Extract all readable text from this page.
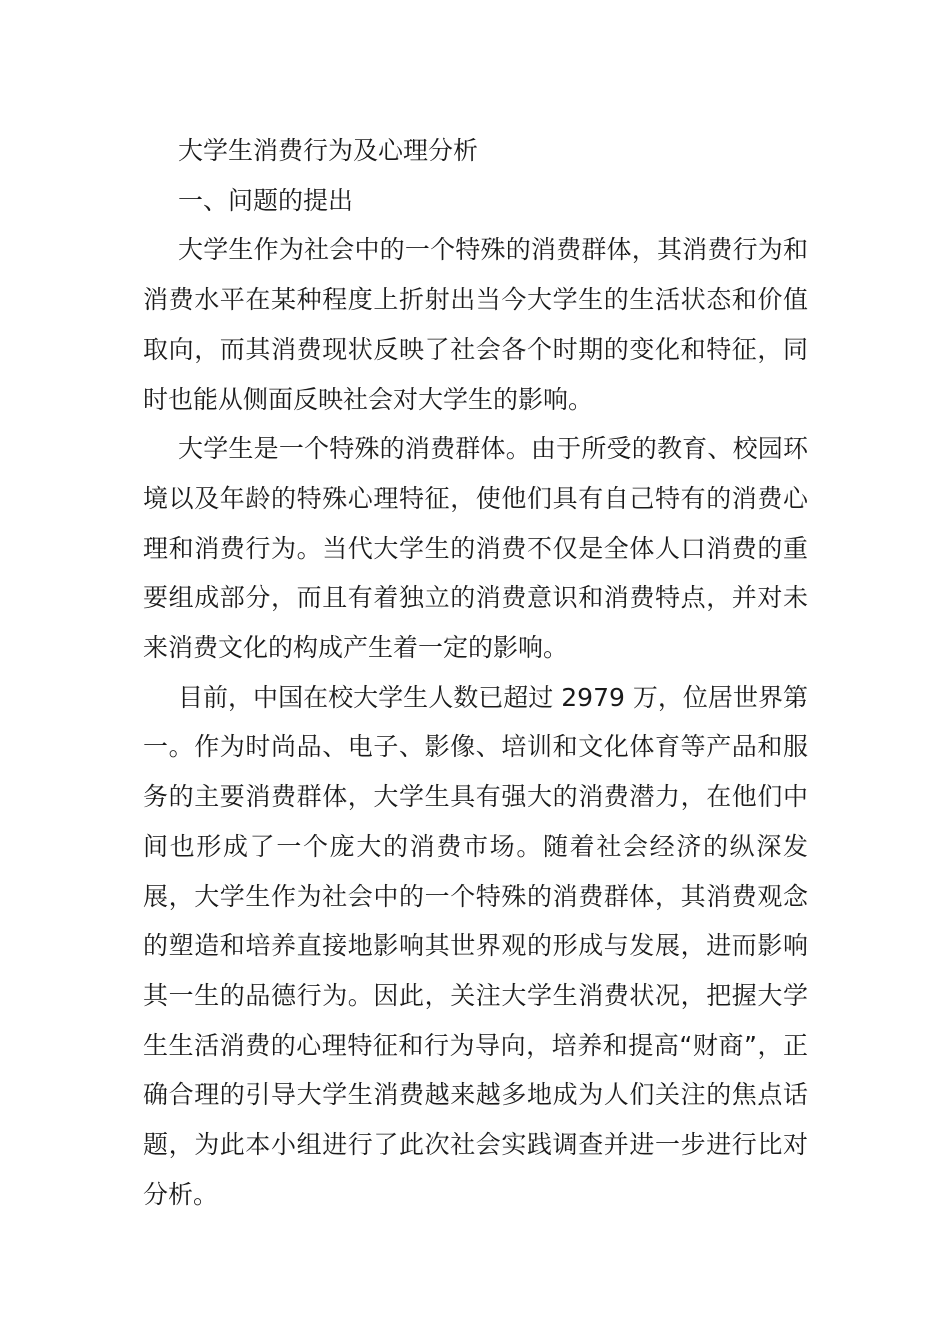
大学生消费行为及心理分析

一、问题的提出

大学生作为社会中的一个特殊的消费群体，其消费行为和消费水平在某种程度上折射出当今大学生的生活状态和价值取向，而其消费现状反映了社会各个时期的变化和特征，同时也能从侧面反映社会对大学生的影响。

大学生是一个特殊的消费群体。由于所受的教育、校园环境以及年龄的特殊心理特征，使他们具有自己特有的消费心理和消费行为。当代大学生的消费不仅是全体人口消费的重要组成部分，而且有着独立的消费意识和消费特点，并对未来消费文化的构成产生着一定的影响。

目前，中国在校大学生人数已超过 2979 万，位居世界第一。作为时尚品、电子、影像、培训和文化体育等产品和服务的主要消费群体，大学生具有强大的消费潜力，在他们中间也形成了一个庞大的消费市场。随着社会经济的纵深发展，大学生作为社会中的一个特殊的消费群体，其消费观念的塑造和培养直接地影响其世界观的形成与发展，进而影响其一生的品德行为。因此，关注大学生消费状况，把握大学生生活消费的心理特征和行为导向，培养和提高“财商”，正确合理的引导大学生消费越来越多地成为人们关注的焦点话题，为此本小组进行了此次社会实践调查并进一步进行比对分析。
